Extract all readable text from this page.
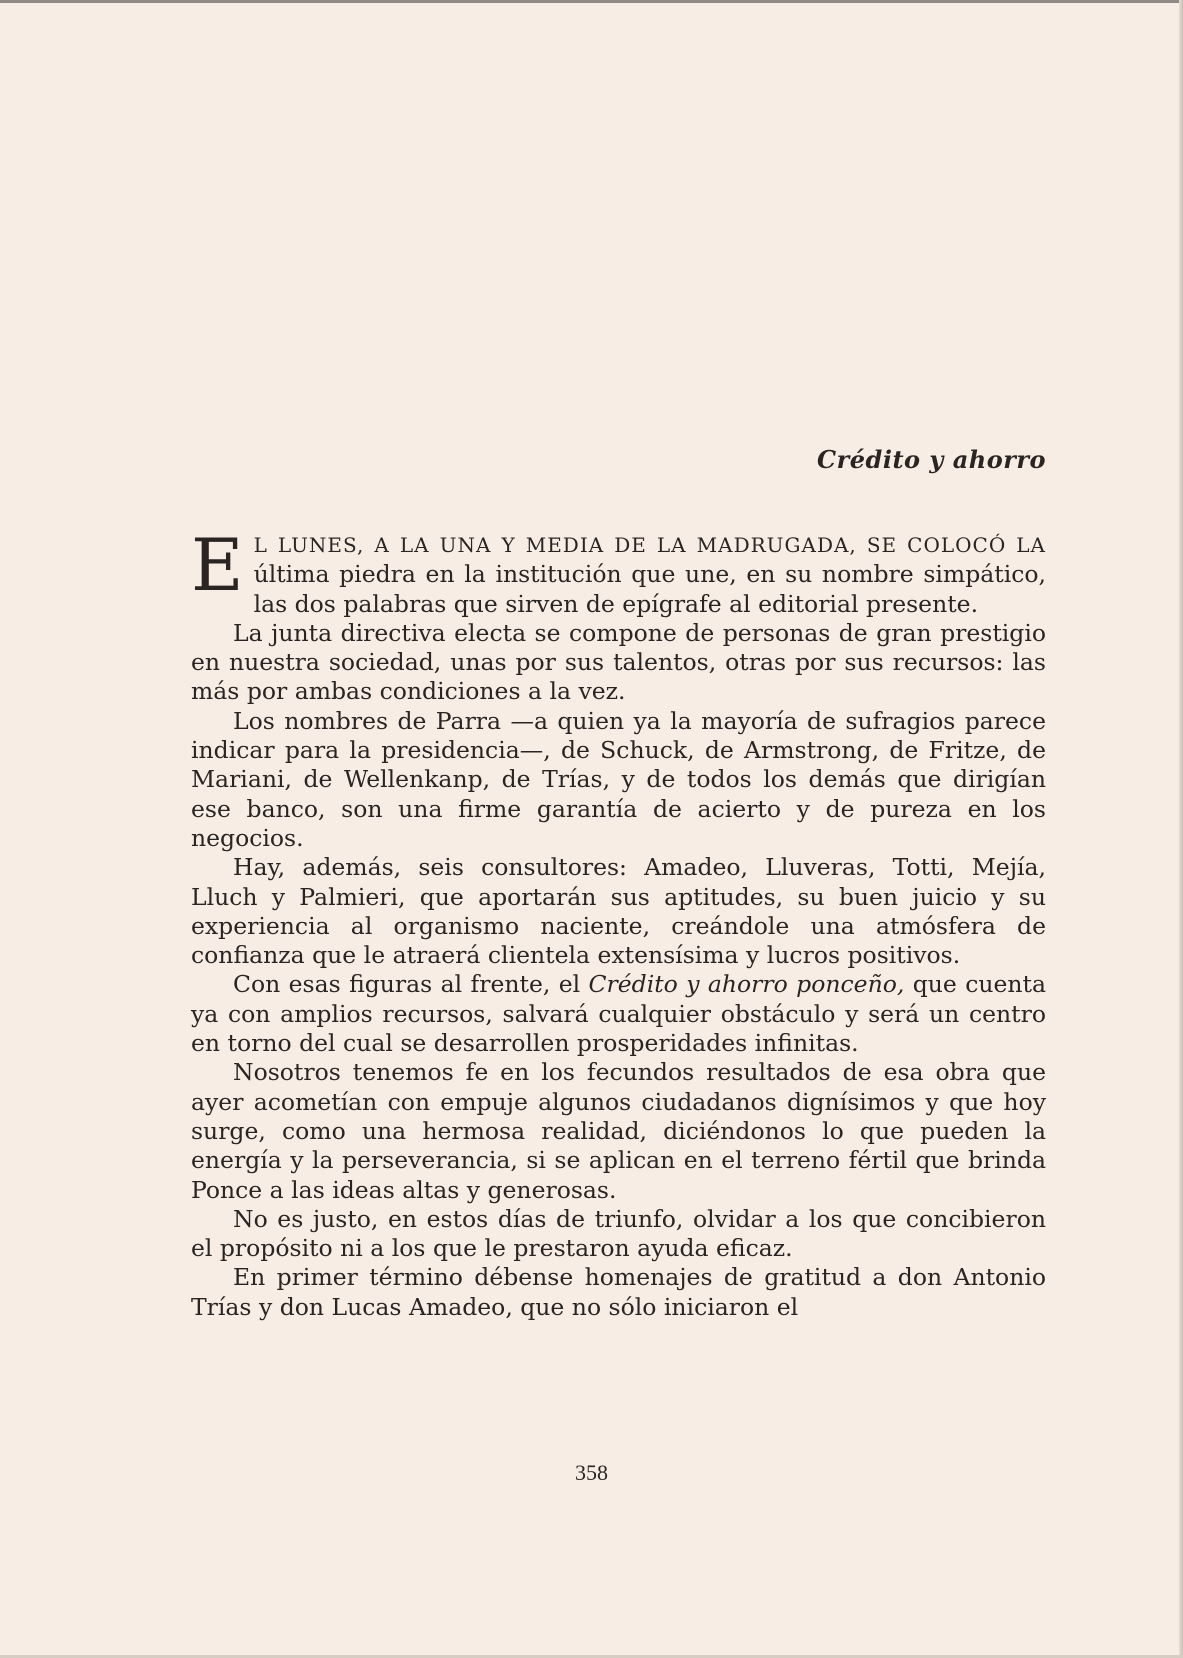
Crédito y ahorro

E L LUNES, A LA UNA Y MEDIA DE LA MADRUGADA, SE COLOCÓ LA última piedra en la institución que une, en su nombre simpático, las dos palabras que sirven de epígrafe al editorial presente.

La junta directiva electa se compone de personas de gran prestigio en nuestra sociedad, unas por sus talentos, otras por sus recursos: las más por ambas condiciones a la vez.

Los nombres de Parra —a quien ya la mayoría de sufragios parece indicar para la presidencia—, de Schuck, de Armstrong, de Fritze, de Mariani, de Wellenkanp, de Trías, y de todos los demás que dirigían ese banco, son una firme garantía de acierto y de pureza en los negocios.

Hay, además, seis consultores: Amadeo, Lluveras, Totti, Mejía, Lluch y Palmieri, que aportarán sus aptitudes, su buen juicio y su experiencia al organismo naciente, creándole una atmósfera de confianza que le atraerá clientela extensísima y lucros positivos.

Con esas figuras al frente, el Crédito y ahorro ponceño, que cuenta ya con amplios recursos, salvará cualquier obstáculo y será un centro en torno del cual se desarrollen prosperidades infinitas.

Nosotros tenemos fe en los fecundos resultados de esa obra que ayer acometían con empuje algunos ciudadanos dignísimos y que hoy surge, como una hermosa realidad, diciéndonos lo que pueden la energía y la perseverancia, si se aplican en el terreno fértil que brinda Ponce a las ideas altas y generosas.

No es justo, en estos días de triunfo, olvidar a los que concibieron el propósito ni a los que le prestaron ayuda eficaz.

En primer término débense homenajes de gratitud a don Antonio Trías y don Lucas Amadeo, que no sólo iniciaron el

358
